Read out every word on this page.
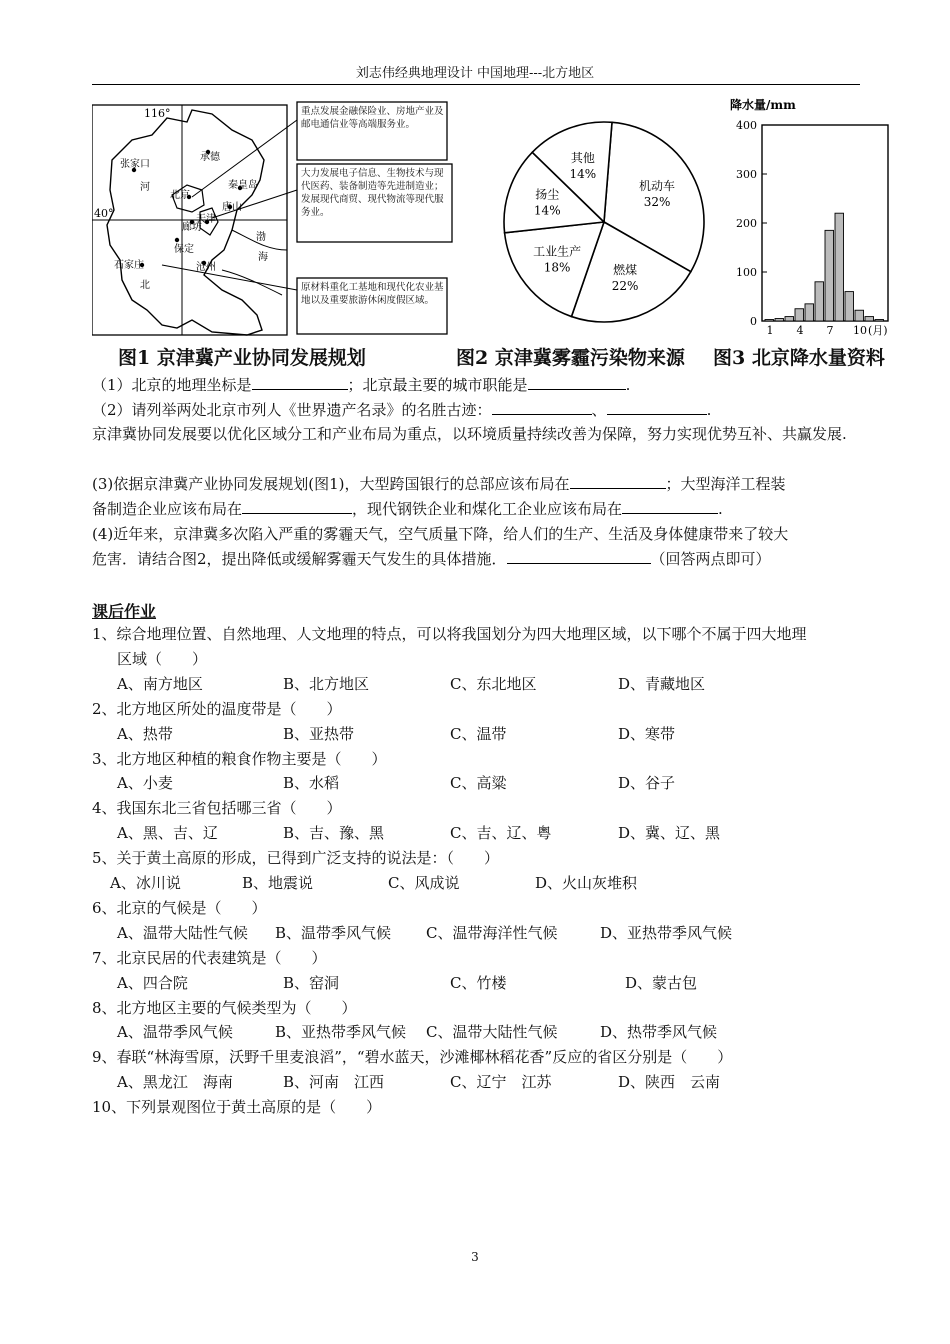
刘志伟经典地理设计 中国地理---北方地区
116°
40°
张家口
承德
河
北京
秦皇岛
唐山
天津
廊坊
保定
沧州
石家庄
北
渤
海
重点发展金融保险业、房地产业及邮电通信业等高端服务业。
大力发展电子信息、生物技术与现代医药、装备制造等先进制造业；发展现代商贸、现代物流等现代服务业。
原材料重化工基地和现代化农业基地以及重要旅游休闲度假区域。
机动车
32%
燃煤
22%
工业生产
18%
扬尘
14%
其他
14%
降水量/mm
0
100
200
300
400
1 4 7 10 (月)
图1 京津冀产业协同发展规划	图2 京津冀雾霾污染物来源 图3 北京降水量资料
（1）北京的地理坐标是	；北京最主要的城市职能是	.
（2）请列举两处北京市列人《世界遗产名录》的名胜古迹：	、	.
京津冀协同发展要以优化区域分工和产业布局为重点，以环境质量持续改善为保障，努力实现优势互补、共赢发展.
(3)依据京津冀产业协同发展规划(图1)，大型跨国银行的总部应该布局在	；大型海洋工程装
备制造企业应该布局在	，现代钢铁企业和煤化工企业应该布局在	.
(4)近年来，京津冀多次陷入严重的雾霾天气，空气质量下降，给人们的生产、生活及身体健康带来了较大
危害．请结合图2，提出降低或缓解雾霾天气发生的具体措施．	（回答两点即可）
课后作业
1、综合地理位置、自然地理、人文地理的特点，可以将我国划分为四大地理区域，以下哪个不属于四大地理
区域（　　）
A、南方地区	B、北方地区	C、东北地区	D、青藏地区
2、北方地区所处的温度带是（　　）
A、热带	B、亚热带	C、温带	D、寒带
3、北方地区种植的粮食作物主要是（　　）
A、小麦	B、水稻	C、高粱	D、谷子
4、我国东北三省包括哪三省（　　）
A、黑、吉、辽	B、吉、豫、黑	C、吉、辽、粤	D、冀、辽、黑
5、关于黄土高原的形成，已得到广泛支持的说法是：（　　）
A、冰川说	B、地震说	C、风成说	D、火山灰堆积
6、北京的气候是（　　）
A、温带大陆性气候 B、温带季风气候 C、温带海洋性气候	D、亚热带季风气候
7、北京民居的代表建筑是（　　）
A、四合院	B、窑洞	C、竹楼	D、蒙古包
8、北方地区主要的气候类型为（　　）
A、温带季风气候	B、亚热带季风气候 C、温带大陆性气候	D、热带季风气候
9、春联“林海雪原，沃野千里麦浪滔”，“碧水蓝天，沙滩椰林稻花香”反应的省区分别是（　　）
A、黑龙江　海南	B、河南　江西	C、辽宁　江苏	D、陕西　云南
10、下列景观图位于黄土高原的是（　　）
3
